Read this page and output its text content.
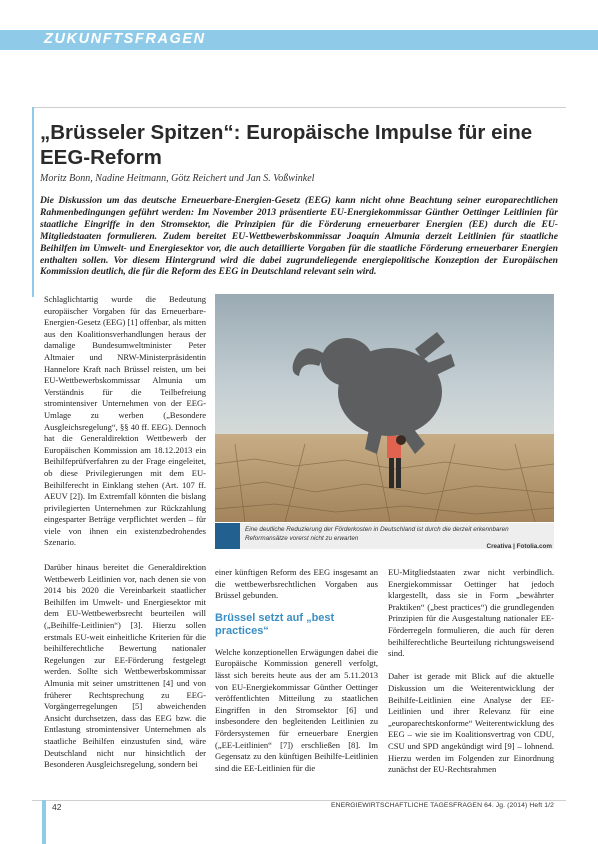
ZUKUNFTSFRAGEN
„Brüsseler Spitzen“: Europäische Impulse für eine EEG-Reform
Moritz Bonn, Nadine Heitmann, Götz Reichert und Jan S. Voßwinkel

Die Diskussion um das deutsche Erneuerbare-Energien-Gesetz (EEG) kann nicht ohne Beachtung seiner europarechtlichen Rahmenbedingungen geführt werden: Im November 2013 präsentierte EU-Energiekommissar Günther Oettinger Leitlinien für staatliche Eingriffe in den Stromsektor, die Prinzipien für die Förderung erneuerbarer Energien (EE) durch die EU-Mitgliedstaaten formulieren. Zudem bereitet EU-Wettbewerbskommissar Joaquín Almunia derzeit Leitlinien für staatliche Beihilfen im Umwelt- und Energiesektor vor, die auch detaillierte Vorgaben für die staatliche Förderung erneuerbarer Energien enthalten sollen. Vor diesem Hintergrund wird die dabei zugrundeliegende energiepolitische Konzeption der Europäischen Kommission deutlich, die für die Reform des EEG in Deutschland relevant sein wird.

Schlaglichtartig wurde die Bedeutung europäischer Vorgaben für das Erneuerbare-Energien-Gesetz (EEG) [1] offenbar, als mitten aus den Koalitionsverhandlungen heraus der damalige Bundesumweltminister Peter Altmaier und NRW-Ministerpräsidentin Hannelore Kraft nach Brüssel reisten, um bei EU-Wettbewerbskommissar Almunia um Verständnis für die Teilbefreiung stromintensiver Unternehmen von der EEG-Umlage zu werben („Besondere Ausgleichsregelung“, §§ 40 ff. EEG). Dennoch hat die Generaldirektion Wettbewerb der Europäischen Kommission am 18.12.2013 ein Beihilfeprüfverfahren zu der Frage eingeleitet, ob diese Privilegierungen mit dem EU-Beihilferecht in Einklang stehen (Art. 107 ff. AEUV [2]). Im Extremfall könnten die bislang privilegierten Unternehmen zur Rückzahlung eingesparter Beträge verpflichtet werden – für viele von ihnen ein existenzbedrohendes Szenario.

Eine deutliche Reduzierung der Förderkosten in Deutschland ist durch die derzeit erkennbaren Reformansätze vorerst nicht zu erwarten
Creativa | Fotolia.com

Darüber hinaus bereitet die Generaldirektion Wettbewerb Leitlinien vor, nach denen sie von 2014 bis 2020 die Vereinbarkeit staatlicher Beihilfen im Umwelt- und Energiesektor mit dem EU-Wettbewerbsrecht beurteilen will („Beihilfe-Leitlinien“) [3]. Hierzu sollen erstmals EU-weit einheitliche Kriterien für die beihilferechtliche Bewertung nationaler Regelungen zur EE-Förderung festgelegt werden. Sollte sich Wettbewerbskommissar Almunia mit seiner umstrittenen [4] und von früherer Rechtsprechung zu EEG-Vorgängerregelungen [5] abweichenden Ansicht durchsetzen, dass das EEG bzw. die Entlastung stromintensiver Unternehmen als staatliche Beihilfen einzustufen sind, wäre Deutschland nicht nur hinsichtlich der Besonderen Ausgleichsregelung, sondern bei

einer künftigen Reform des EEG insgesamt an die wettbewerbsrechtlichen Vorgaben aus Brüssel gebunden.

Brüssel setzt auf „best practices“

Welche konzeptionellen Erwägungen dabei die Europäische Kommission generell verfolgt, lässt sich bereits heute aus der am 5.11.2013 von EU-Energiekommissar Günther Oettinger veröffentlichten Mitteilung zu staatlichen Eingriffen in den Stromsektor [6] und insbesondere den begleitenden Leitlinien zu Fördersystemen für erneuerbare Energien („EE-Leitlinien“ [7]) erschließen [8]. Im Gegensatz zu den künftigen Beihilfe-Leitlinien sind die EE-Leitlinien für die

EU-Mitgliedstaaten zwar nicht verbindlich. Energiekommissar Oettinger hat jedoch klargestellt, dass sie in Form „bewährter Praktiken“ („best practices“) die grundlegenden Prinzipien für die Ausgestaltung nationaler EE-Förderregeln formulieren, die auch für deren beihilferechtliche Beurteilung richtungsweisend sind.

Daher ist gerade mit Blick auf die aktuelle Diskussion um die Weiterentwicklung der Beihilfe-Leitlinien eine Analyse der EE-Leitlinien und ihrer Relevanz für eine „europarechtskonforme“ Weiterentwicklung des EEG – wie sie im Koalitionsvertrag von CDU, CSU und SPD angekündigt wird [9] – lohnend. Hierzu werden im Folgenden zur Einordnung zunächst der EU-Rechtsrahmen

42	ENERGIEWIRTSCHAFTLICHE TAGESFRAGEN 64. Jg. (2014) Heft 1/2
